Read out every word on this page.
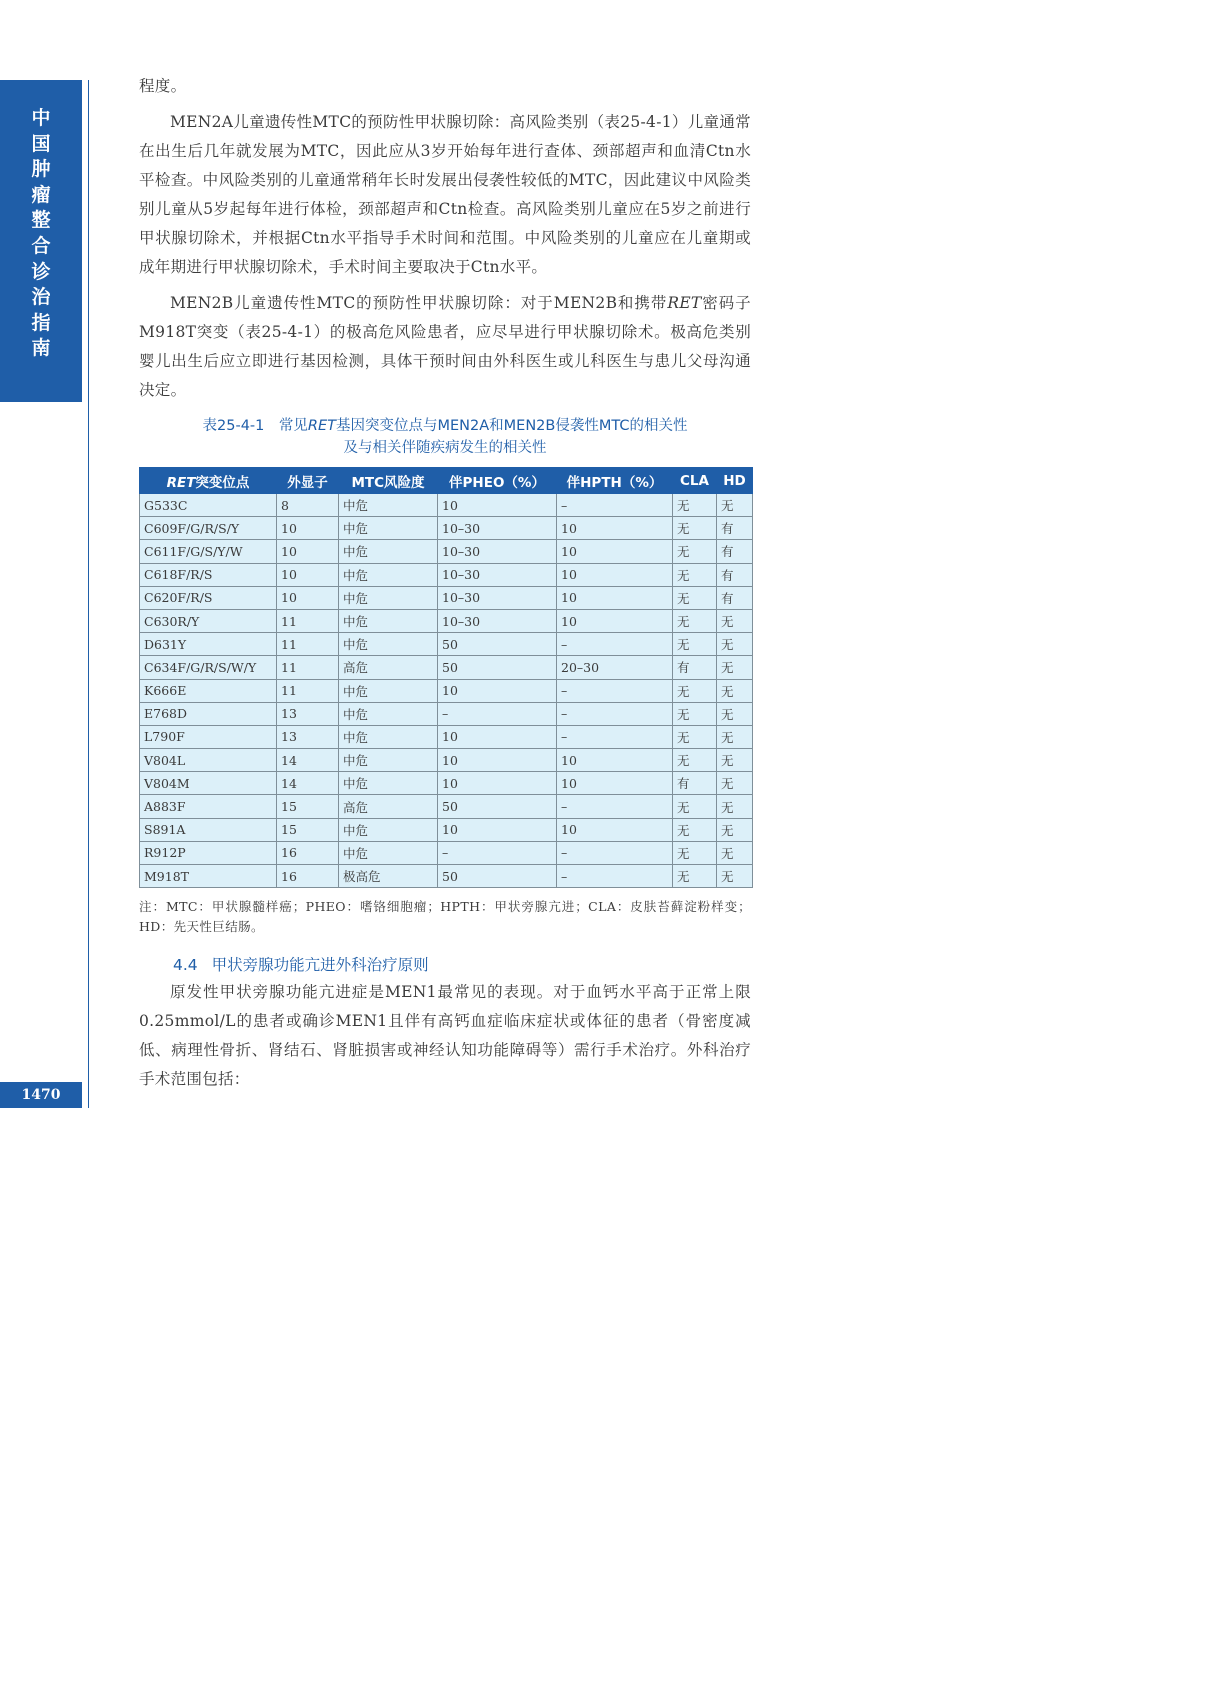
中
国
肿
瘤
整
合
诊
治
指
南
1470

程度。

MEN2A儿童遗传性MTC的预防性甲状腺切除：高风险类别（表25-4-1）儿童通常在出生后几年就发展为MTC，因此应从3岁开始每年进行查体、颈部超声和血清Ctn水平检查。中风险类别的儿童通常稍年长时发展出侵袭性较低的MTC，因此建议中风险类别儿童从5岁起每年进行体检，颈部超声和Ctn检查。高风险类别儿童应在5岁之前进行甲状腺切除术，并根据Ctn水平指导手术时间和范围。中风险类别的儿童应在儿童期或成年期进行甲状腺切除术，手术时间主要取决于Ctn水平。

MEN2B儿童遗传性MTC的预防性甲状腺切除：对于MEN2B和携带RET密码子M918T突变（表25-4-1）的极高危风险患者，应尽早进行甲状腺切除术。极高危类别婴儿出生后应立即进行基因检测，具体干预时间由外科医生或儿科医生与患儿父母沟通决定。

表25-4-1　常见RET基因突变位点与MEN2A和MEN2B侵袭性MTC的相关性
及与相关伴随疾病发生的相关性
RET突变位点	外显子	MTC风险度	伴PHEO（%）	伴HPTH（%）	CLA	HD
G533C	8	中危	10	–	无	无
C609F/G/R/S/Y	10	中危	10–30	10	无	有
C611F/G/S/Y/W	10	中危	10–30	10	无	有
C618F/R/S	10	中危	10–30	10	无	有
C620F/R/S	10	中危	10–30	10	无	有
C630R/Y	11	中危	10–30	10	无	无
D631Y	11	中危	50	–	无	无
C634F/G/R/S/W/Y	11	高危	50	20–30	有	无
K666E	11	中危	10	–	无	无
E768D	13	中危	–	–	无	无
L790F	13	中危	10	–	无	无
V804L	14	中危	10	10	无	无
V804M	14	中危	10	10	有	无
A883F	15	高危	50	–	无	无
S891A	15	中危	10	10	无	无
R912P	16	中危	–	–	无	无
M918T	16	极高危	50	–	无	无
注：MTC：甲状腺髓样癌；PHEO：嗜铬细胞瘤；HPTH：甲状旁腺亢进；CLA：皮肤苔藓淀粉样变；HD：先天性巨结肠。
4.4 甲状旁腺功能亢进外科治疗原则

原发性甲状旁腺功能亢进症是MEN1最常见的表现。对于血钙水平高于正常上限0.25mmol/L的患者或确诊MEN1且伴有高钙血症临床症状或体征的患者（骨密度减低、病理性骨折、肾结石、肾脏损害或神经认知功能障碍等）需行手术治疗。外科治疗手术范围包括：
